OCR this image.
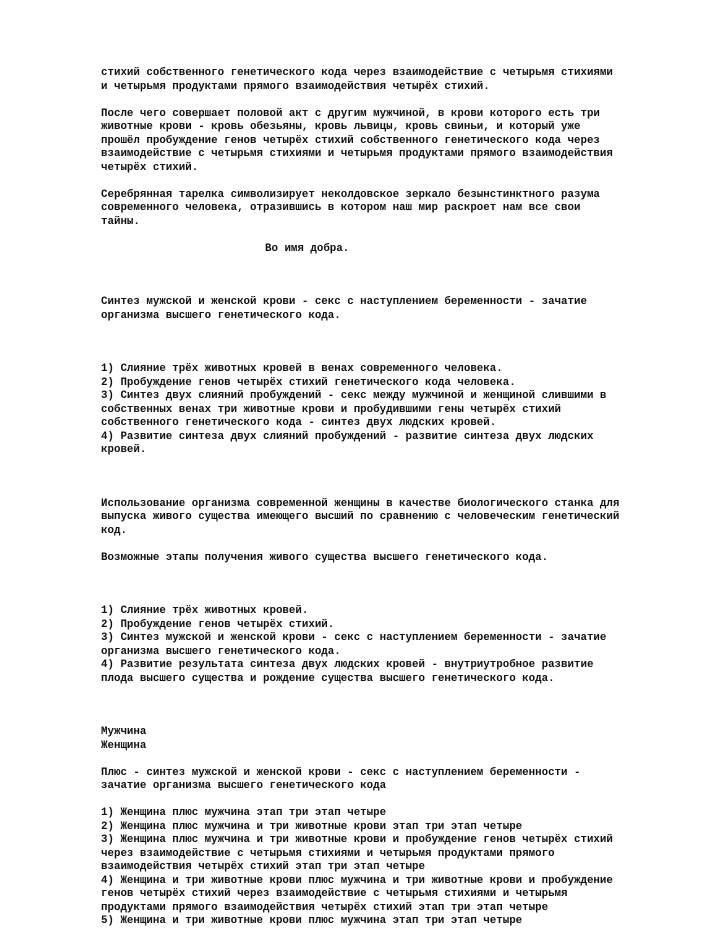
стихий собственного генетического кода через взаимодействие с четырьмя стихиями
и четырьмя продуктами прямого взаимодействия четырёх стихий.
После чего совершает половой акт с другим мужчиной, в крови которого есть три
животные крови - кровь обезьяны, кровь львицы, кровь свиньи, и который уже
прошёл пробуждение генов четырёх стихий собственного генетического кода через
взаимодействие с четырьмя стихиями и четырьмя продуктами прямого взаимодействия
четырёх стихий.
Серебрянная тарелка символизирует неколдовское зеркало безынстинктного разума
современного человека, отразившись в котором наш мир раскроет нам все свои
тайны.
Во имя добра.
Синтез мужской и женской крови - секс с наступлением беременности - зачатие
организма высшего генетического кода.
1) Слияние трёх животных кровей в венах современного человека.
2) Пробуждение генов четырёх стихий генетического кода человека.
3) Синтез двух слияний пробуждений - секс между мужчиной и женщиной слившими в
собственных венах три животные крови и пробудившими гены четырёх стихий
собственного генетического кода - синтез двух людских кровей.
4) Развитие синтеза двух слияний пробуждений - развитие синтеза двух людских
кровей.
Использование организма современной женщины в качестве биологического станка для
выпуска живого существа имеющего высший по сравнению с человеческим генетический
код.
Возможные этапы получения живого существа высшего генетического кода.
1) Слияние трёх животных кровей.
2) Пробуждение генов четырёх стихий.
3) Синтез мужской и женской крови - секс с наступлением беременности - зачатие
организма высшего генетического кода.
4) Развитие результата синтеза двух людских кровей - внутриутробное развитие
плода высшего существа и рождение существа высшего генетического кода.
Мужчина
Женщина
Плюс - синтез мужской и женской крови - секс с наступлением беременности -
зачатие организма высшего генетического кода
1) Женщина плюс мужчина этап три этап четыре
2) Женщина плюс мужчина и три животные крови этап три этап четыре
3) Женщина плюс мужчина и три животные крови и пробуждение генов четырёх стихий
через взаимодействие с четырьмя стихиями и четырьмя продуктами прямого
взаимодействия четырёх стихий этап три этап четыре
4) Женщина и три животные крови плюс мужчина и три животные крови и пробуждение
генов четырёх стихий через взаимодействие с четырьмя стихиями и четырьмя
продуктами прямого взаимодействия четырёх стихий этап три этап четыре
5) Женщина и три животные крови плюс мужчина этап три этап четыре
